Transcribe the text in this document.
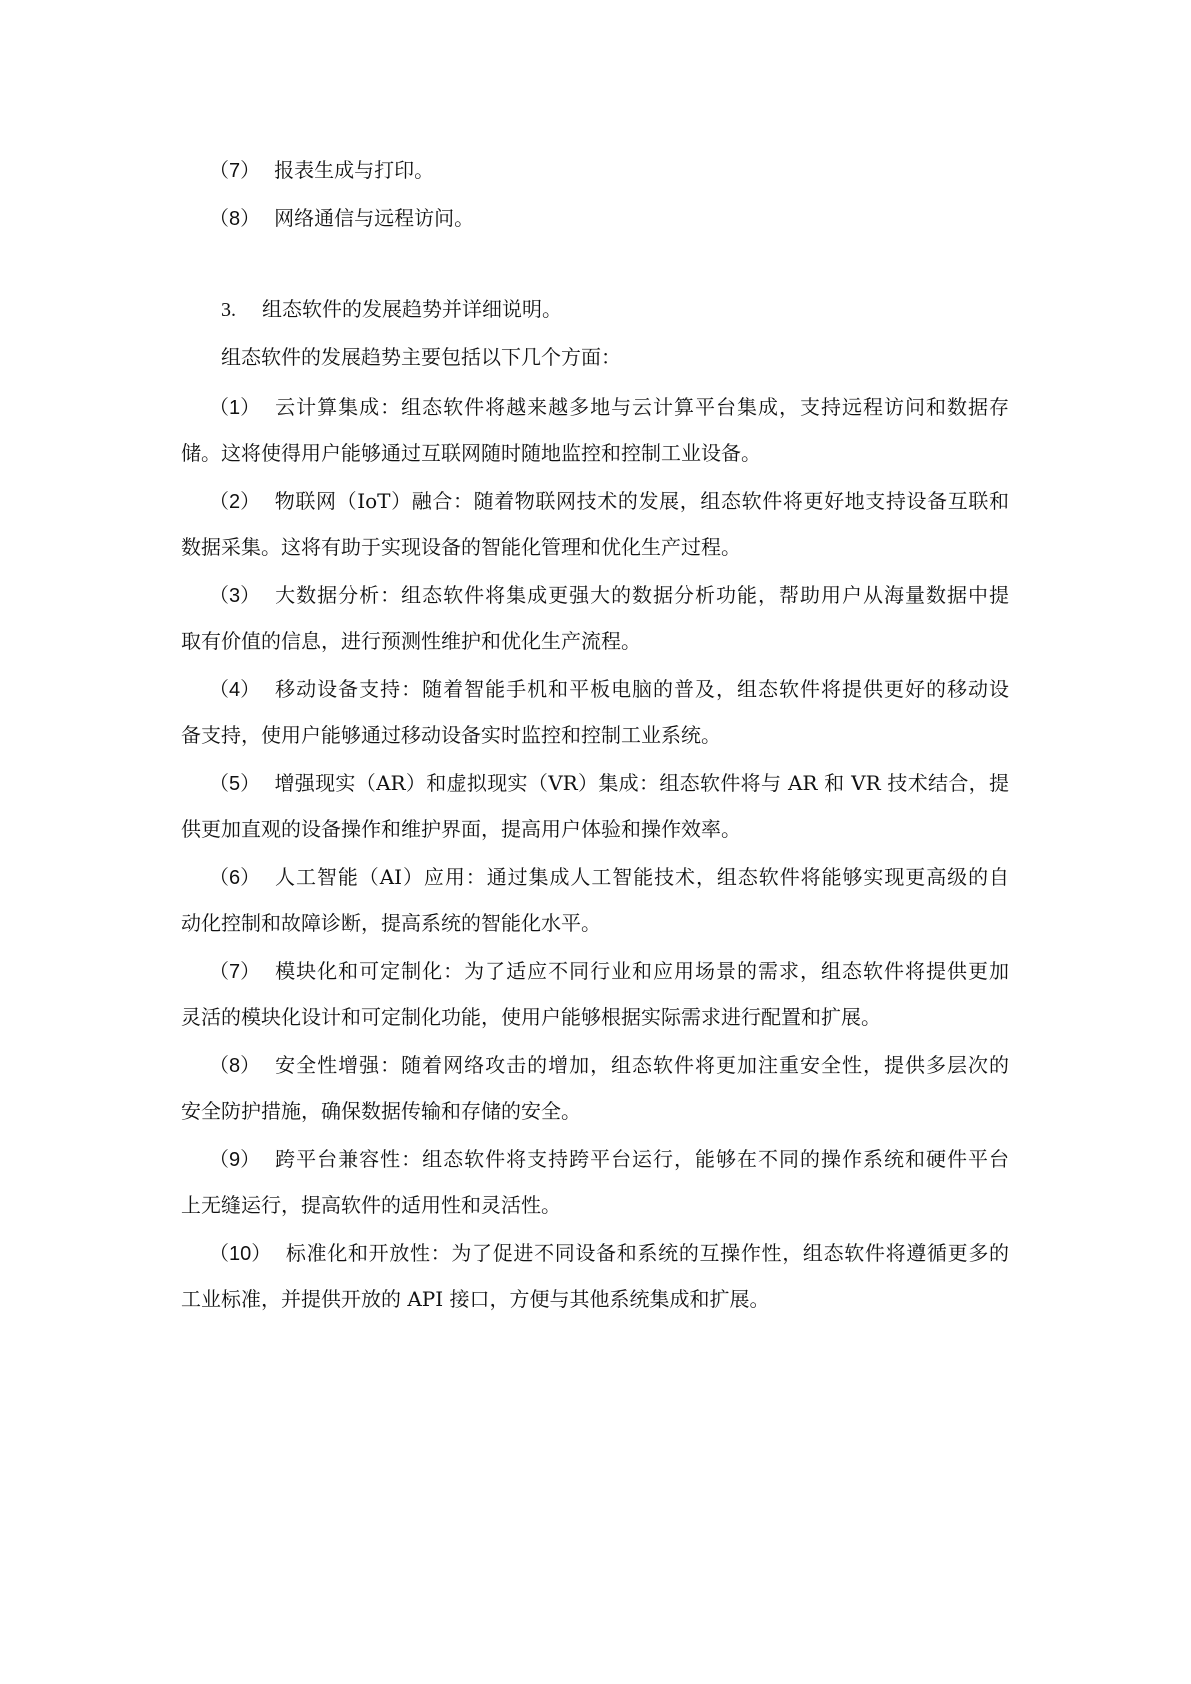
（7） 报表生成与打印。
（8） 网络通信与远程访问。
3. 组态软件的发展趋势并详细说明。
组态软件的发展趋势主要包括以下几个方面：
（1） 云计算集成：组态软件将越来越多地与云计算平台集成，支持远程访问和数据存
储。这将使得用户能够通过互联网随时随地监控和控制工业设备。
（2） 物联网（IoT）融合：随着物联网技术的发展，组态软件将更好地支持设备互联和
数据采集。这将有助于实现设备的智能化管理和优化生产过程。
（3） 大数据分析：组态软件将集成更强大的数据分析功能，帮助用户从海量数据中提
取有价值的信息，进行预测性维护和优化生产流程。
（4） 移动设备支持：随着智能手机和平板电脑的普及，组态软件将提供更好的移动设
备支持，使用户能够通过移动设备实时监控和控制工业系统。
（5） 增强现实（AR）和虚拟现实（VR）集成：组态软件将与 AR 和 VR 技术结合，提
供更加直观的设备操作和维护界面，提高用户体验和操作效率。
（6） 人工智能（AI）应用：通过集成人工智能技术，组态软件将能够实现更高级的自
动化控制和故障诊断，提高系统的智能化水平。
（7） 模块化和可定制化：为了适应不同行业和应用场景的需求，组态软件将提供更加
灵活的模块化设计和可定制化功能，使用户能够根据实际需求进行配置和扩展。
（8） 安全性增强：随着网络攻击的增加，组态软件将更加注重安全性，提供多层次的
安全防护措施，确保数据传输和存储的安全。
（9） 跨平台兼容性：组态软件将支持跨平台运行，能够在不同的操作系统和硬件平台
上无缝运行，提高软件的适用性和灵活性。
（10） 标准化和开放性：为了促进不同设备和系统的互操作性，组态软件将遵循更多的
工业标准，并提供开放的 API 接口，方便与其他系统集成和扩展。
